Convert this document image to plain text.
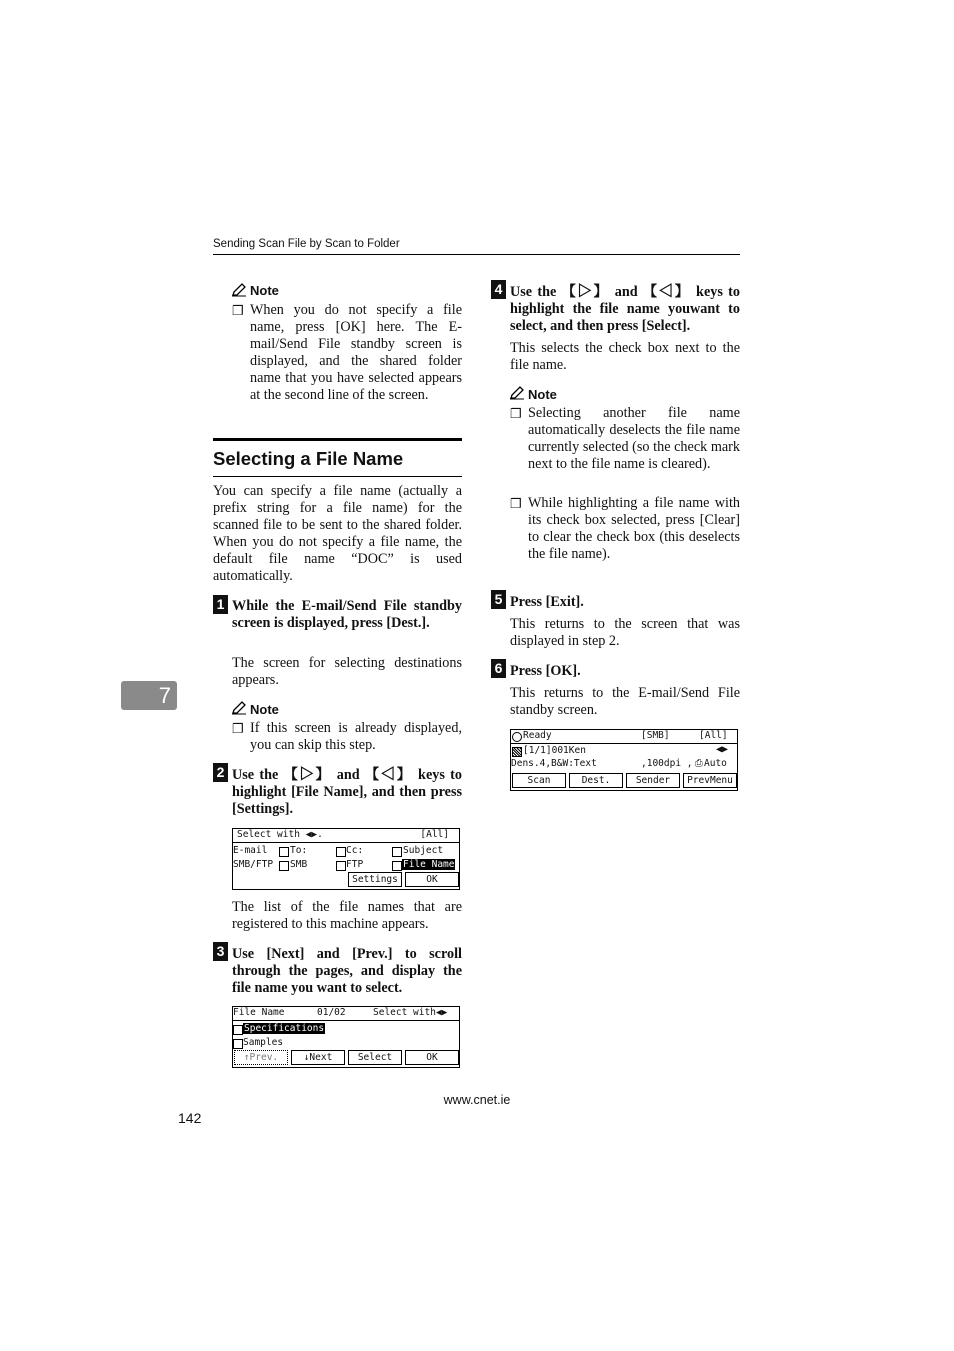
Sending Scan File by Scan to Folder
7
Note
❒ When you do not specify a file name, press [OK] here. The E-mail/Send File standby screen is displayed, and the shared folder name that you have selected appears at the second line of the screen.
Selecting a File Name
You can specify a file name (actually a prefix string for a file name) for the scanned file to be sent to the shared folder. When you do not specify a file name, the default file name “DOC” is used automatically.
1 While the E-mail/Send File standby screen is displayed, press [Dest.].
The screen for selecting destinations appears.
Note
❒ If this screen is already displayed, you can skip this step.
2 Use the 【▷】 and 【◁】 keys to highlight [File Name], and then press [Settings].
Select with ◀▶.	[All]
E-mail To:	Cc:	Subject
SMB/FTP SMB	FTP	File Name
Settings	OK
The list of the file names that are registered to this machine appears.
3 Use [Next] and [Prev.] to scroll through the pages, and display the file name you want to select.
File Name	01/02	Select with◀▶
Specifications
Samples
↑Prev.	↓Next	Select	OK
4 Use the 【▷】 and 【◁】 keys to highlight the file name youwant to select, and then press [Select].
This selects the check box next to the file name.
Note
❒ Selecting another file name automatically deselects the file name currently selected (so the check mark next to the file name is cleared).
❒ While highlighting a file name with its check box selected, press [Clear] to clear the check box (this deselects the file name).
5 Press [Exit].
This returns to the screen that was displayed in step 2.
6 Press [OK].
This returns to the E-mail/Send File standby screen.
Ready	[SMB]	[All]
[1/1]001Ken	◀▶
Dens.4,B&W:Text	,100dpi , ⎙ Auto
Scan	Dest.	Sender	PrevMenu
www.cnet.ie
142
